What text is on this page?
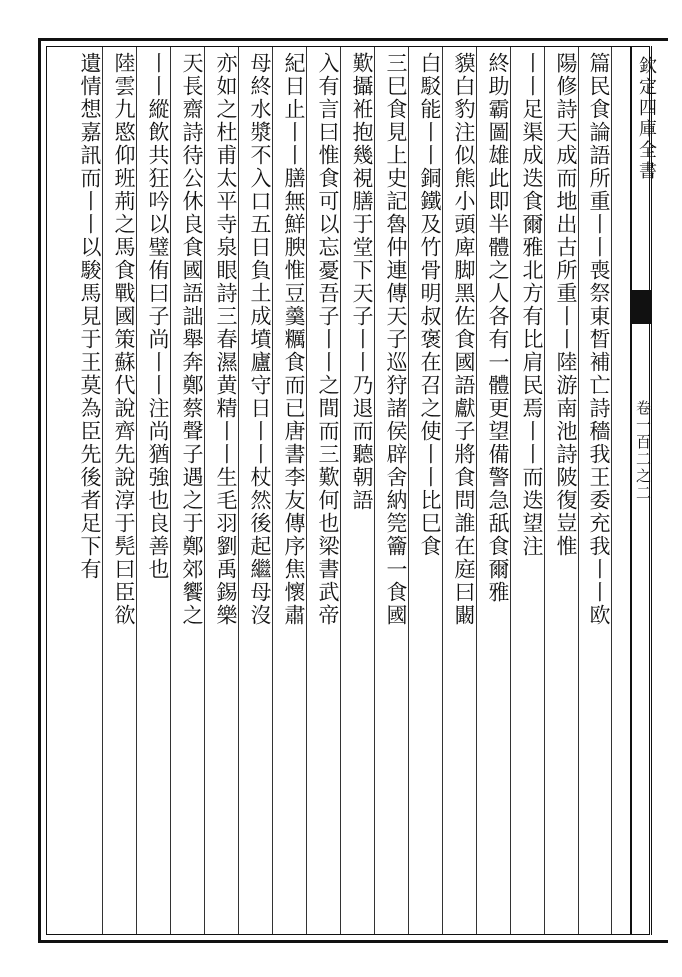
欽定四庫全書
卷一百二之二
篇民食論語所重丨丨喪祭東晳補亡詩穡我王委充我丨丨欧
陽修詩天成而地出古所重丨丨陸游南池詩陂復豈惟
丨丨足渠成迭食爾雅北方有比肩民焉丨丨而迭望注
終助霸圖雄此即半體之人各有一體更望備警急舐食爾雅
貘白豹注似熊小頭庳脚黑佐食國語獻子將食問誰在庭曰闞
白駁能丨丨銅鐵及竹骨明叔褒在召之使丨丨比巳食
三巳食見上史記魯仲連傳天子巡狩諸侯辟舍納筦籥一食國
歎攝袵抱幾視膳于堂下天子丨丨乃退而聽朝語
入有言曰惟食可以忘憂吾子丨丨之間而三歎何也梁書武帝
紀日止丨丨膳無鮮腴惟豆羹糲食而已唐書李友傳序焦懷肅
母終水漿不入口五日負土成墳廬守日丨丨杖然後起繼母沒
亦如之杜甫太平寺泉眼詩三春濕黄精丨丨生毛羽劉禹錫樂
天長齋詩待公休良食國語詘舉奔鄭蔡聲子遇之于鄭郊饗之
丨丨縱飲共狂吟以璧侑曰子尚丨丨注尚猶強也良善也
陸雲九愍仰班荊之馬食戰國策蘇代說齊先說淳于髡曰臣欲
遺情想嘉訊而丨丨以駿馬見于王莫為臣先後者足下有
